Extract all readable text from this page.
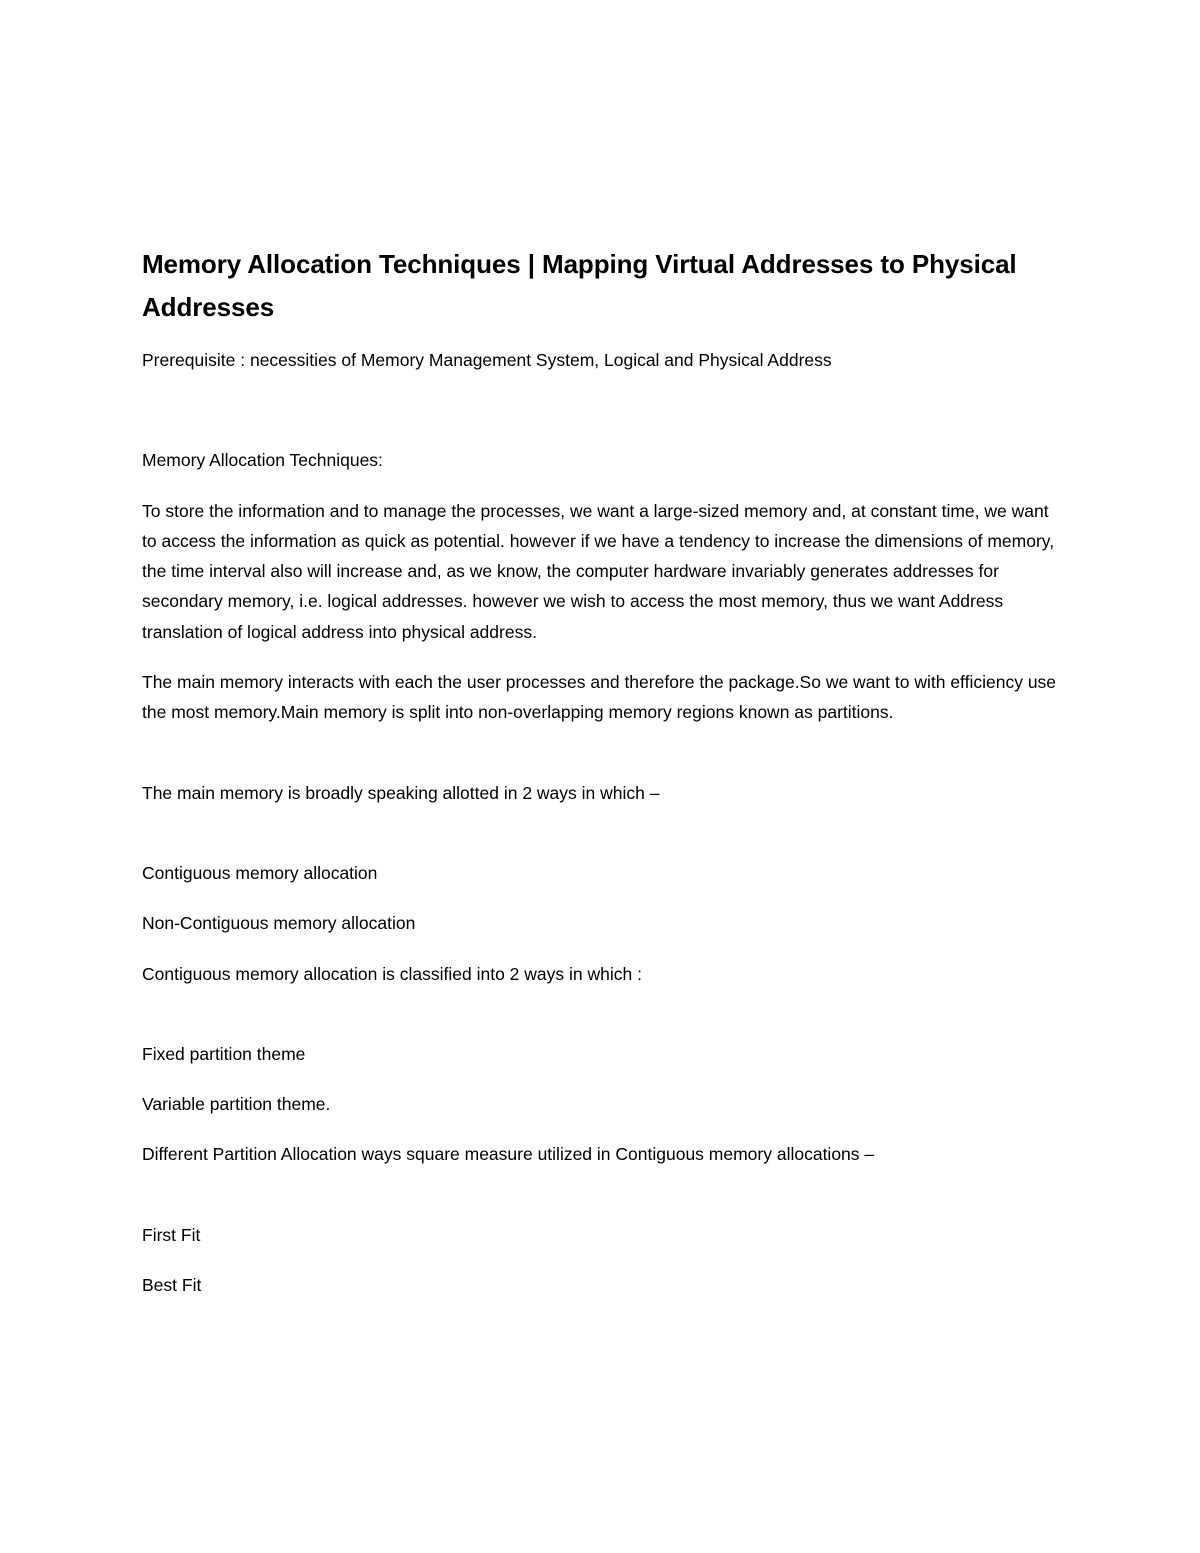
Memory Allocation Techniques | Mapping Virtual Addresses to Physical Addresses

Prerequisite : necessities of Memory Management System, Logical and Physical Address

Memory Allocation Techniques:

To store the information and to manage the processes, we want a large-sized memory and, at constant time, we want to access the information as quick as potential. however if we have a tendency to increase the dimensions of memory, the time interval also will increase and, as we know, the computer hardware invariably generates addresses for secondary memory, i.e. logical addresses. however we wish to access the most memory, thus we want Address translation of logical address into physical address.

The main memory interacts with each the user processes and therefore the package.So we want to with efficiency use the most memory.Main memory is split into non-overlapping memory regions known as partitions.

The main memory is broadly speaking allotted in 2 ways in which –

Contiguous memory allocation

Non-Contiguous memory allocation

Contiguous memory allocation is classified into 2 ways in which :

Fixed partition theme

Variable partition theme.

Different Partition Allocation ways square measure utilized in Contiguous memory allocations –

First Fit

Best Fit
